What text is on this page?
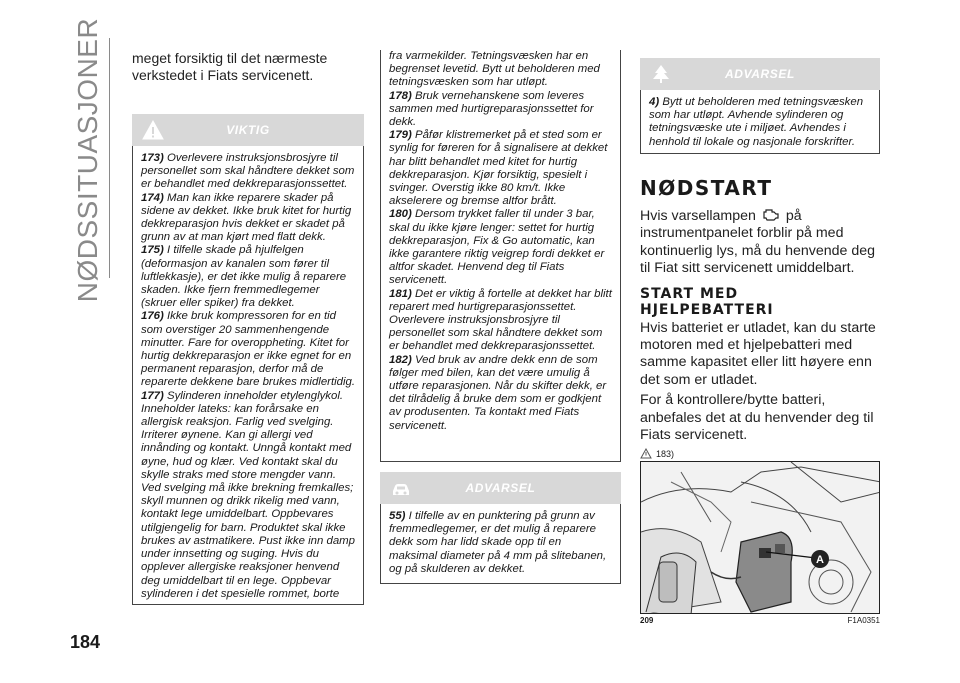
NØDSSITUASJONER
184

meget forsiktig til det nærmeste verkstedet i Fiats servicenett.

VIKTIG

173) Overlevere instruksjonsbrosjyre til personellet som skal håndtere dekket som er behandlet med dekkreparasjonssettet.

174) Man kan ikke reparere skader på sidene av dekket. Ikke bruk kitet for hurtig dekkreparasjon hvis dekket er skadet på grunn av at man kjørt med flatt dekk.

175) I tilfelle skade på hjulfelgen (deformasjon av kanalen som fører til luftlekkasje), er det ikke mulig å reparere skaden. Ikke fjern fremmedlegemer (skruer eller spiker) fra dekket.

176) Ikke bruk kompressoren for en tid som overstiger 20 sammenhengende minutter. Fare for overoppheting. Kitet for hurtig dekkreparasjon er ikke egnet for en permanent reparasjon, derfor må de reparerte dekkene bare brukes midlertidig.

177) Sylinderen inneholder etylenglykol. Inneholder lateks: kan forårsake en allergisk reaksjon. Farlig ved svelging. Irriterer øynene. Kan gi allergi ved innånding og kontakt. Unngå kontakt med øyne, hud og klær. Ved kontakt skal du skylle straks med store mengder vann. Ved svelging må ikke brekning fremkalles; skyll munnen og drikk rikelig med vann, kontakt lege umiddelbart. Oppbevares utilgjengelig for barn. Produktet skal ikke brukes av astmatikere. Pust ikke inn damp under innsetting og suging. Hvis du opplever allergiske reaksjoner henvend deg umiddelbart til en lege. Oppbevar sylinderen i det spesielle rommet, borte

fra varmekilder. Tetningsvæsken har en begrenset levetid. Bytt ut beholderen med tetningsvæsken som har utløpt.

178) Bruk vernehanskene som leveres sammen med hurtigreparasjonssettet for dekk.

179) Påfør klistremerket på et sted som er synlig for føreren for å signalisere at dekket har blitt behandlet med kitet for hurtig dekkreparasjon. Kjør forsiktig, spesielt i svinger. Overstig ikke 80 km/t. Ikke akselerere og bremse altfor brått.

180) Dersom trykket faller til under 3 bar, skal du ikke kjøre lenger: settet for hurtig dekkreparasjon, Fix & Go automatic, kan ikke garantere riktig veigrep fordi dekket er altfor skadet. Henvend deg til Fiats servicenett.

181) Det er viktig å fortelle at dekket har blitt reparert med hurtigreparasjonssettet. Overlevere instruksjonsbrosjyre til personellet som skal håndtere dekket som er behandlet med dekkreparasjonssettet.

182) Ved bruk av andre dekk enn de som følger med bilen, kan det være umulig å utføre reparasjonen. Når du skifter dekk, er det tilrådelig å bruke dem som er godkjent av produsenten. Ta kontakt med Fiats servicenett.

ADVARSEL

55) I tilfelle av en punktering på grunn av fremmedlegemer, er det mulig å reparere dekk som har lidd skade opp til en maksimal diameter på 4 mm på slitebanen, og på skulderen av dekket.

ADVARSEL

4) Bytt ut beholderen med tetningsvæsken som har utløpt. Avhende sylinderen og tetningsvæske ute i miljøet. Avhendes i henhold til lokale og nasjonale forskrifter.

NØDSTART

Hvis varsellampen på instrumentpanelet forblir på med kontinuerlig lys, må du henvende deg til Fiat sitt servicenett umiddelbart.

START MED
HJELPEBATTERI

Hvis batteriet er utladet, kan du starte motoren med et hjelpebatteri med samme kapasitet eller litt høyere enn det som er utladet.

For å kontrollere/bytte batteri, anbefales det at du henvender deg til Fiats servicenett.

183)
A
209	F1A0351
